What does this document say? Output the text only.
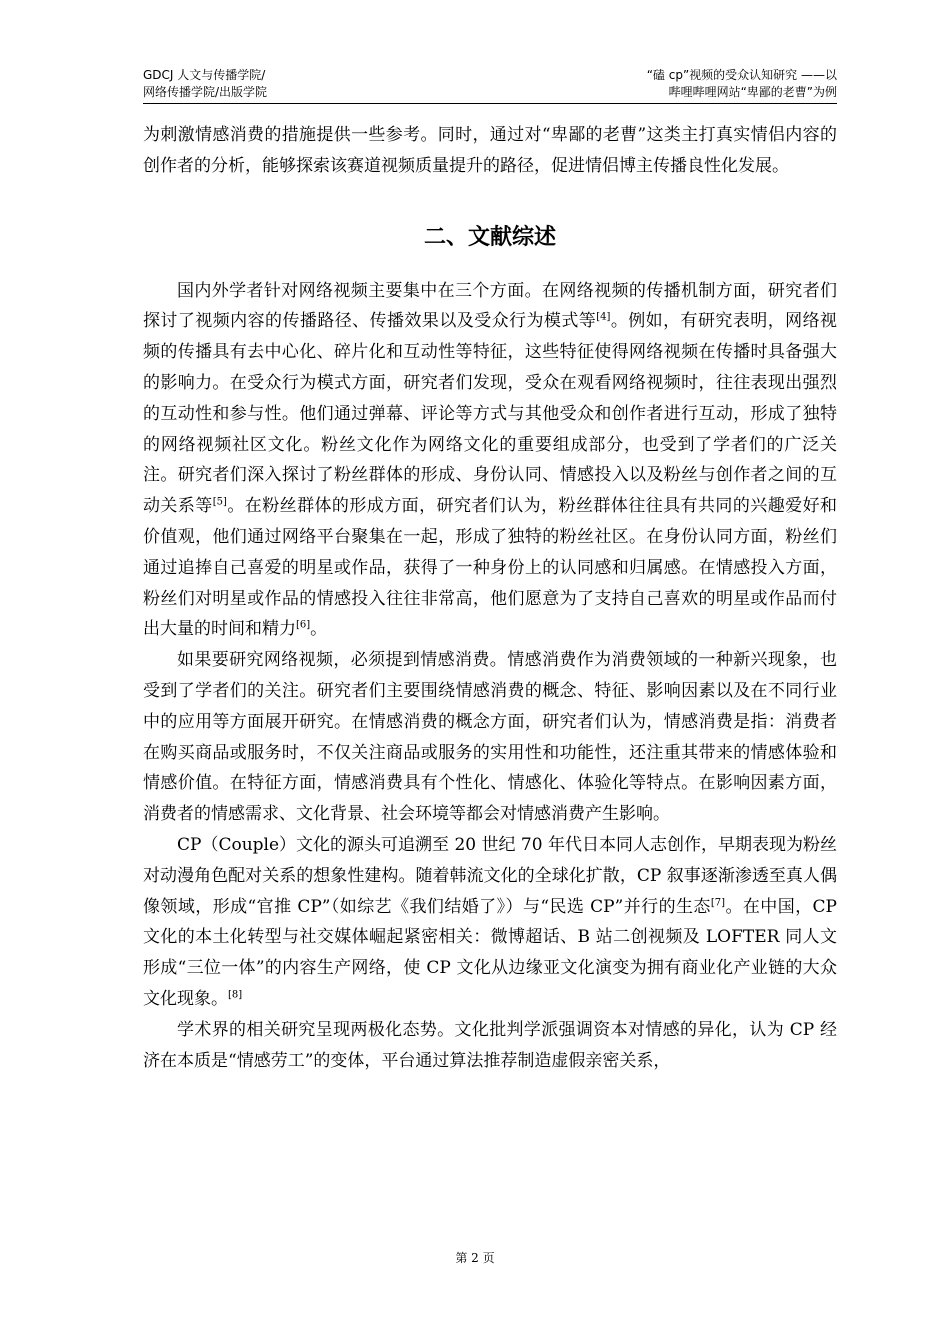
GDCJ 人文与传播学院/
网络传播学院/出版学院
“磕 cp”视频的受众认知研究 ——以
哔哩哔哩网站“卑鄙的老曹”为例

为刺激情感消费的措施提供一些参考。同时，通过对“卑鄙的老曹”这类主打真实情侣内容的创作者的分析，能够探索该赛道视频质量提升的路径，促进情侣博主传播良性化发展。

二、文献综述

国内外学者针对网络视频主要集中在三个方面。在网络视频的传播机制方面，研究者们探讨了视频内容的传播路径、传播效果以及受众行为模式等[4]。例如，有研究表明，网络视频的传播具有去中心化、碎片化和互动性等特征，这些特征使得网络视频在传播时具备强大的影响力。在受众行为模式方面，研究者们发现，受众在观看网络视频时，往往表现出强烈的互动性和参与性。他们通过弹幕、评论等方式与其他受众和创作者进行互动，形成了独特的网络视频社区文化。粉丝文化作为网络文化的重要组成部分，也受到了学者们的广泛关注。研究者们深入探讨了粉丝群体的形成、身份认同、情感投入以及粉丝与创作者之间的互动关系等[5]。在粉丝群体的形成方面，研究者们认为，粉丝群体往往具有共同的兴趣爱好和价值观，他们通过网络平台聚集在一起，形成了独特的粉丝社区。在身份认同方面，粉丝们通过追捧自己喜爱的明星或作品，获得了一种身份上的认同感和归属感。在情感投入方面，粉丝们对明星或作品的情感投入往往非常高，他们愿意为了支持自己喜欢的明星或作品而付出大量的时间和精力[6]。

如果要研究网络视频，必须提到情感消费。情感消费作为消费领域的一种新兴现象，也受到了学者们的关注。研究者们主要围绕情感消费的概念、特征、影响因素以及在不同行业中的应用等方面展开研究。在情感消费的概念方面，研究者们认为，情感消费是指：消费者在购买商品或服务时，不仅关注商品或服务的实用性和功能性，还注重其带来的情感体验和情感价值。在特征方面，情感消费具有个性化、情感化、体验化等特点。在影响因素方面，消费者的情感需求、文化背景、社会环境等都会对情感消费产生影响。

CP（Couple）文化的源头可追溯至 20 世纪 70 年代日本同人志创作，早期表现为粉丝对动漫角色配对关系的想象性建构。随着韩流文化的全球化扩散，CP 叙事逐渐渗透至真人偶像领域，形成“官推 CP”（如综艺《我们结婚了》）与“民选 CP”并行的生态[7]。在中国，CP 文化的本土化转型与社交媒体崛起紧密相关：微博超话、B 站二创视频及 LOFTER 同人文形成“三位一体”的内容生产网络，使 CP 文化从边缘亚文化演变为拥有商业化产业链的大众文化现象。[8]

学术界的相关研究呈现两极化态势。文化批判学派强调资本对情感的异化，认为 CP 经济在本质是“情感劳工”的变体，平台通过算法推荐制造虚假亲密关系，

第 2 页
